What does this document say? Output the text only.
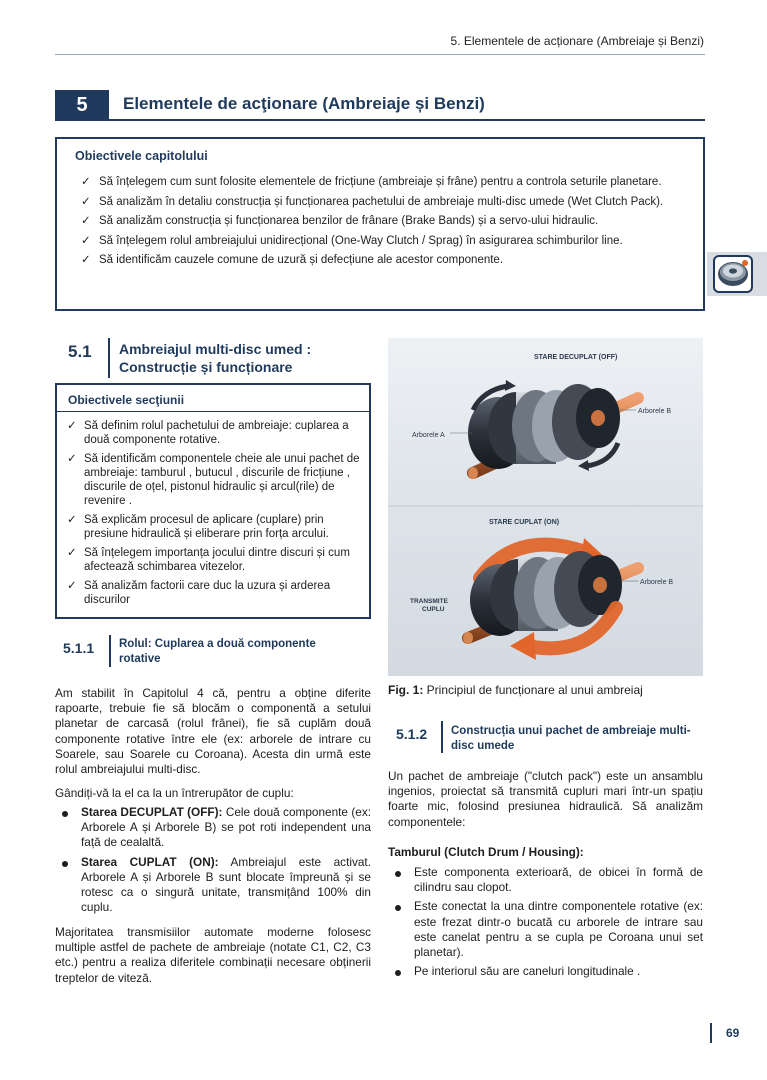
5. Elementele de acționare (Ambreiaje și Benzi)
5	Elementele de acţionare (Ambreiaje și Benzi)
Obiectivele capitolului
✓ Să înțelegem cum sunt folosite elementele de fricțiune (ambreiaje și frâne) pentru a controla seturile planetare.
✓ Să analizăm în detaliu construcția și funcționarea pachetului de ambreiaje multi-disc umede (Wet Clutch Pack).
✓ Să analizăm construcția și funcționarea benzilor de frânare (Brake Bands) și a servo-ului hidraulic.
✓ Să înțelegem rolul ambreiajului unidirecțional (One-Way Clutch / Sprag) în asigurarea schimburilor line.
✓ Să identificăm cauzele comune de uzură și defecțiune ale acestor componente.
5.1 Ambreiajul multi-disc umed : Construcție și funcționare
Obiectivele secţiunii
✓ Să definim rolul pachetului de ambreiaje: cuplarea a două componente rotative.
✓ Să identificăm componentele cheie ale unui pachet de ambreiaje: tamburul , butucul , discurile de fricțiune , discurile de oțel, pistonul hidraulic și arcul(rile) de revenire .
✓ Să explicăm procesul de aplicare (cuplare) prin presiune hidraulică și eliberare prin forța arcului.
✓ Să înțelegem importanța jocului dintre discuri și cum afectează schimbarea vitezelor.
✓ Să analizăm factorii care duc la uzura și arderea discurilor
5.1.1 Rolul: Cuplarea a două componente rotative
Am stabilit în Capitolul 4 că, pentru a obține diferite rapoarte, trebuie fie să blocăm o componentă a setului planetar de carcasă (rolul frânei), fie să cuplăm două componente rotative între ele (ex: arborele de intrare cu Soarele, sau Soarele cu Coroana). Acesta din urmă este rolul ambreiajului multi-disc.
Gândiți-vă la el ca la un întrerupător de cuplu:
Starea DECUPLAT (OFF): Cele două componente (ex: Arborele A și Arborele B) se pot roti independent una față de cealaltă.
Starea CUPLAT (ON): Ambreiajul este activat. Arborele A și Arborele B sunt blocate împreună și se rotesc ca o singură unitate, transmițând 100% din cuplu.
Majoritatea transmisiilor automate moderne folosesc multiple astfel de pachete de ambreiaje (notate C1, C2, C3 etc.) pentru a realiza diferitele combinații necesare obținerii treptelor de viteză.
STARE DECUPLAT (OFF)
Arborele B
Arborele A
STARE CUPLAT (ON)
Arborele B
TRANSMITE
CUPLU
Fig. 1: Principiul de funcționare al unui ambreiaj
5.1.2 Construcția unui pachet de ambreiaje multi-disc umede
Un pachet de ambreiaje ("clutch pack") este un ansamblu ingenios, proiectat să transmită cupluri mari într-un spațiu foarte mic, folosind presiunea hidraulică. Să analizăm componentele:
Tamburul (Clutch Drum / Housing):
Este componenta exterioară, de obicei în formă de cilindru sau clopot.
Este conectat la una dintre componentele rotative (ex: este frezat dintr-o bucată cu arborele de intrare sau este canelat pentru a se cupla pe Coroana unui set planetar).
Pe interiorul său are caneluri longitudinale .
69
